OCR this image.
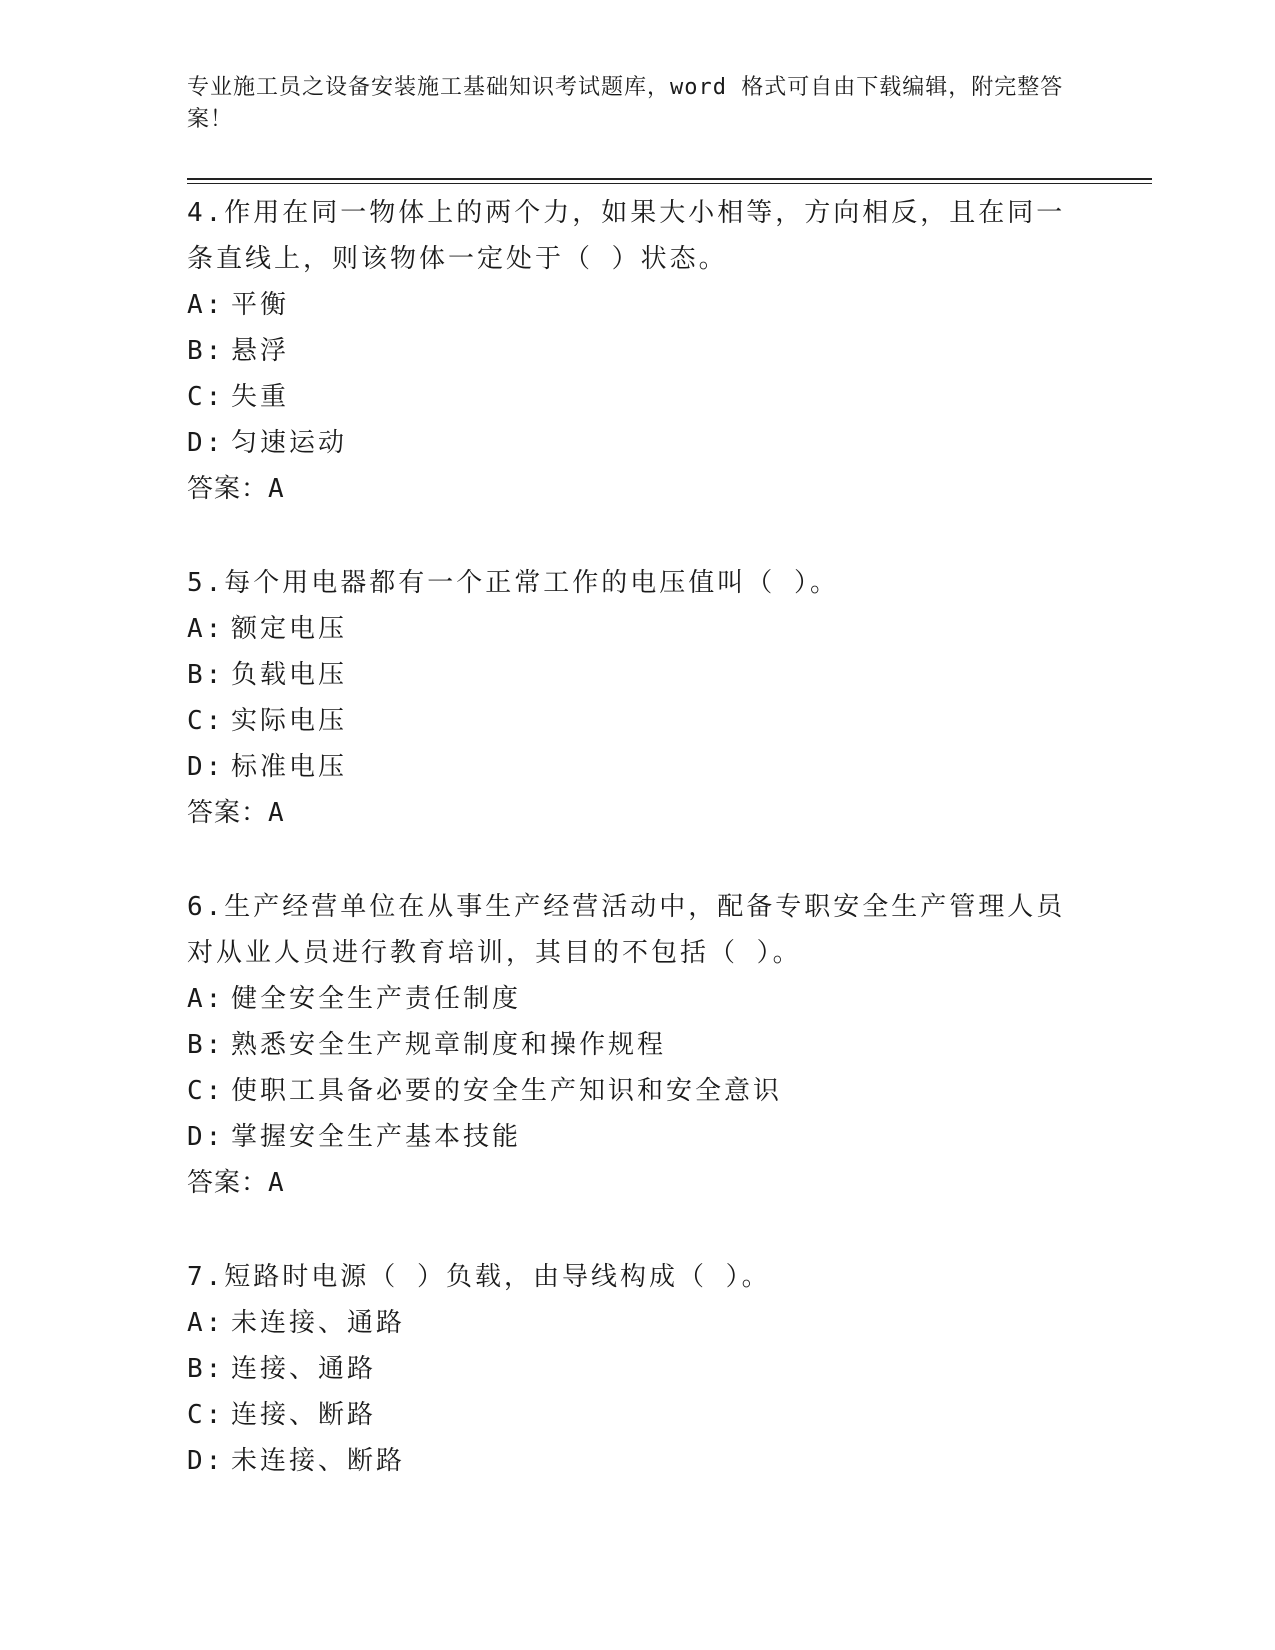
专业施工员之设备安装施工基础知识考试题库，word 格式可自由下载编辑，附完整答案！

4.作用在同一物体上的两个力，如果大小相等，方向相反，且在同一条直线上，则该物体一定处于（ ）状态。

A: 平衡
B: 悬浮
C: 失重
D: 匀速运动

答案：A

5.每个用电器都有一个正常工作的电压值叫（ ）。

A: 额定电压
B: 负载电压
C: 实际电压
D: 标准电压

答案：A

6.生产经营单位在从事生产经营活动中，配备专职安全生产管理人员对从业人员进行教育培训，其目的不包括（ ）。

A: 健全安全生产责任制度
B: 熟悉安全生产规章制度和操作规程
C: 使职工具备必要的安全生产知识和安全意识
D: 掌握安全生产基本技能

答案：A

7.短路时电源（ ）负载，由导线构成（ ）。

A: 未连接、通路
B: 连接、通路
C: 连接、断路
D: 未连接、断路
